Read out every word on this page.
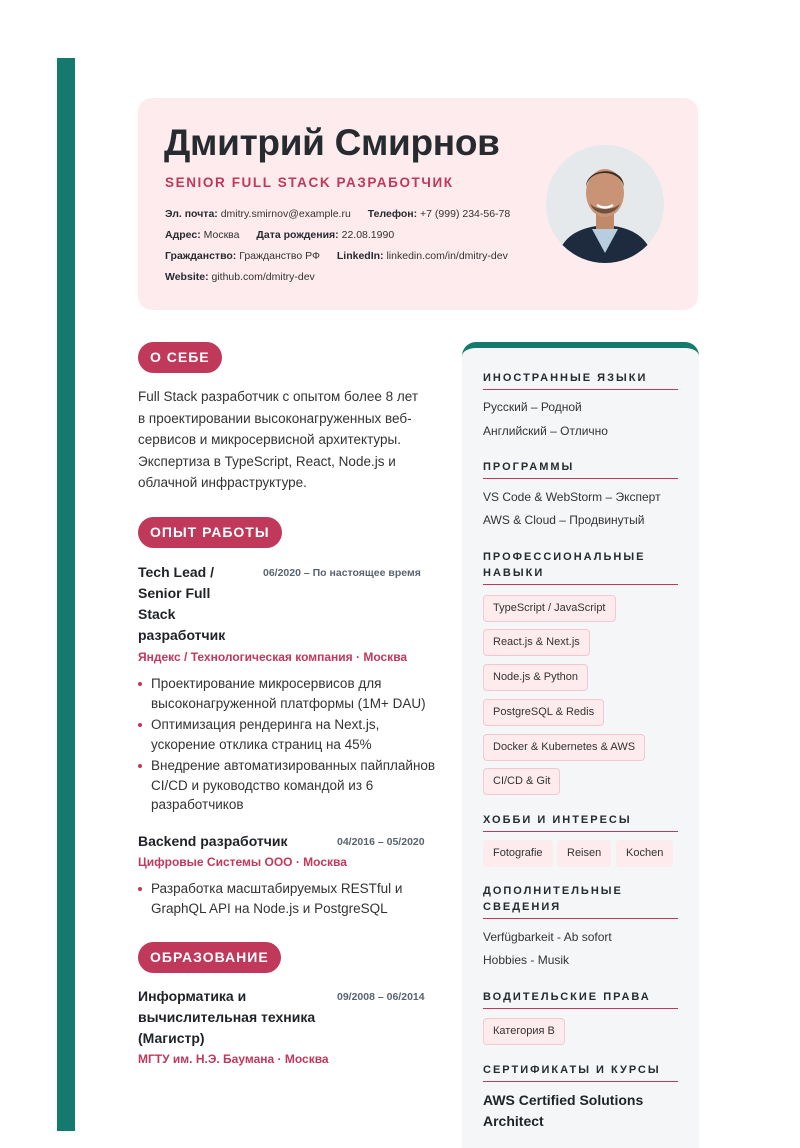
Дмитрий Смирнов
SENIOR FULL STACK РАЗРАБОТЧИК
Эл. почта: dmitry.smirnov@example.ru Телефон: +7 (999) 234-56-78
Адрес: Москва Дата рождения: 22.08.1990
Гражданство: Гражданство РФ LinkedIn: linkedin.com/in/dmitry-dev
Website: github.com/dmitry-dev
О СЕБЕ
Full Stack разработчик с опытом более 8 лет в проектировании высоконагруженных веб-сервисов и микросервисной архитектуры. Экспертиза в TypeScript, React, Node.js и облачной инфраструктуре.
ОПЫТ РАБОТЫ
Tech Lead / Senior Full Stack разработчик
06/2020 – По настоящее время
Яндекс / Технологическая компания · Москва
Проектирование микросервисов для высоконагруженной платформы (1M+ DAU)
Оптимизация рендеринга на Next.js, ускорение отклика страниц на 45%
Внедрение автоматизированных пайплайнов CI/CD и руководство командой из 6 разработчиков
Backend разработчик	04/2016 – 05/2020
Цифровые Системы ООО · Москва
Разработка масштабируемых RESTful и GraphQL API на Node.js и PostgreSQL
ОБРАЗОВАНИЕ
Информатика и вычислительная техника (Магистр)
09/2008 – 06/2014
МГТУ им. Н.Э. Баумана · Москва
ИНОСТРАННЫЕ ЯЗЫКИ
Русский – Родной
Английский – Отлично
ПРОГРАММЫ
VS Code & WebStorm – Эксперт
AWS & Cloud – Продвинутый
ПРОФЕССИОНАЛЬНЫЕ НАВЫКИ
TypeScript / JavaScript
React.js & Next.js
Node.js & Python
PostgreSQL & Redis
Docker & Kubernetes & AWS
CI/CD & Git
ХОББИ И ИНТЕРЕСЫ
Fotografie	Reisen	Kochen
ДОПОЛНИТЕЛЬНЫЕ СВЕДЕНИЯ
Verfügbarkeit - Ab sofort
Hobbies - Musik
ВОДИТЕЛЬСКИЕ ПРАВА
Категория B
СЕРТИФИКАТЫ И КУРСЫ
AWS Certified Solutions Architect
